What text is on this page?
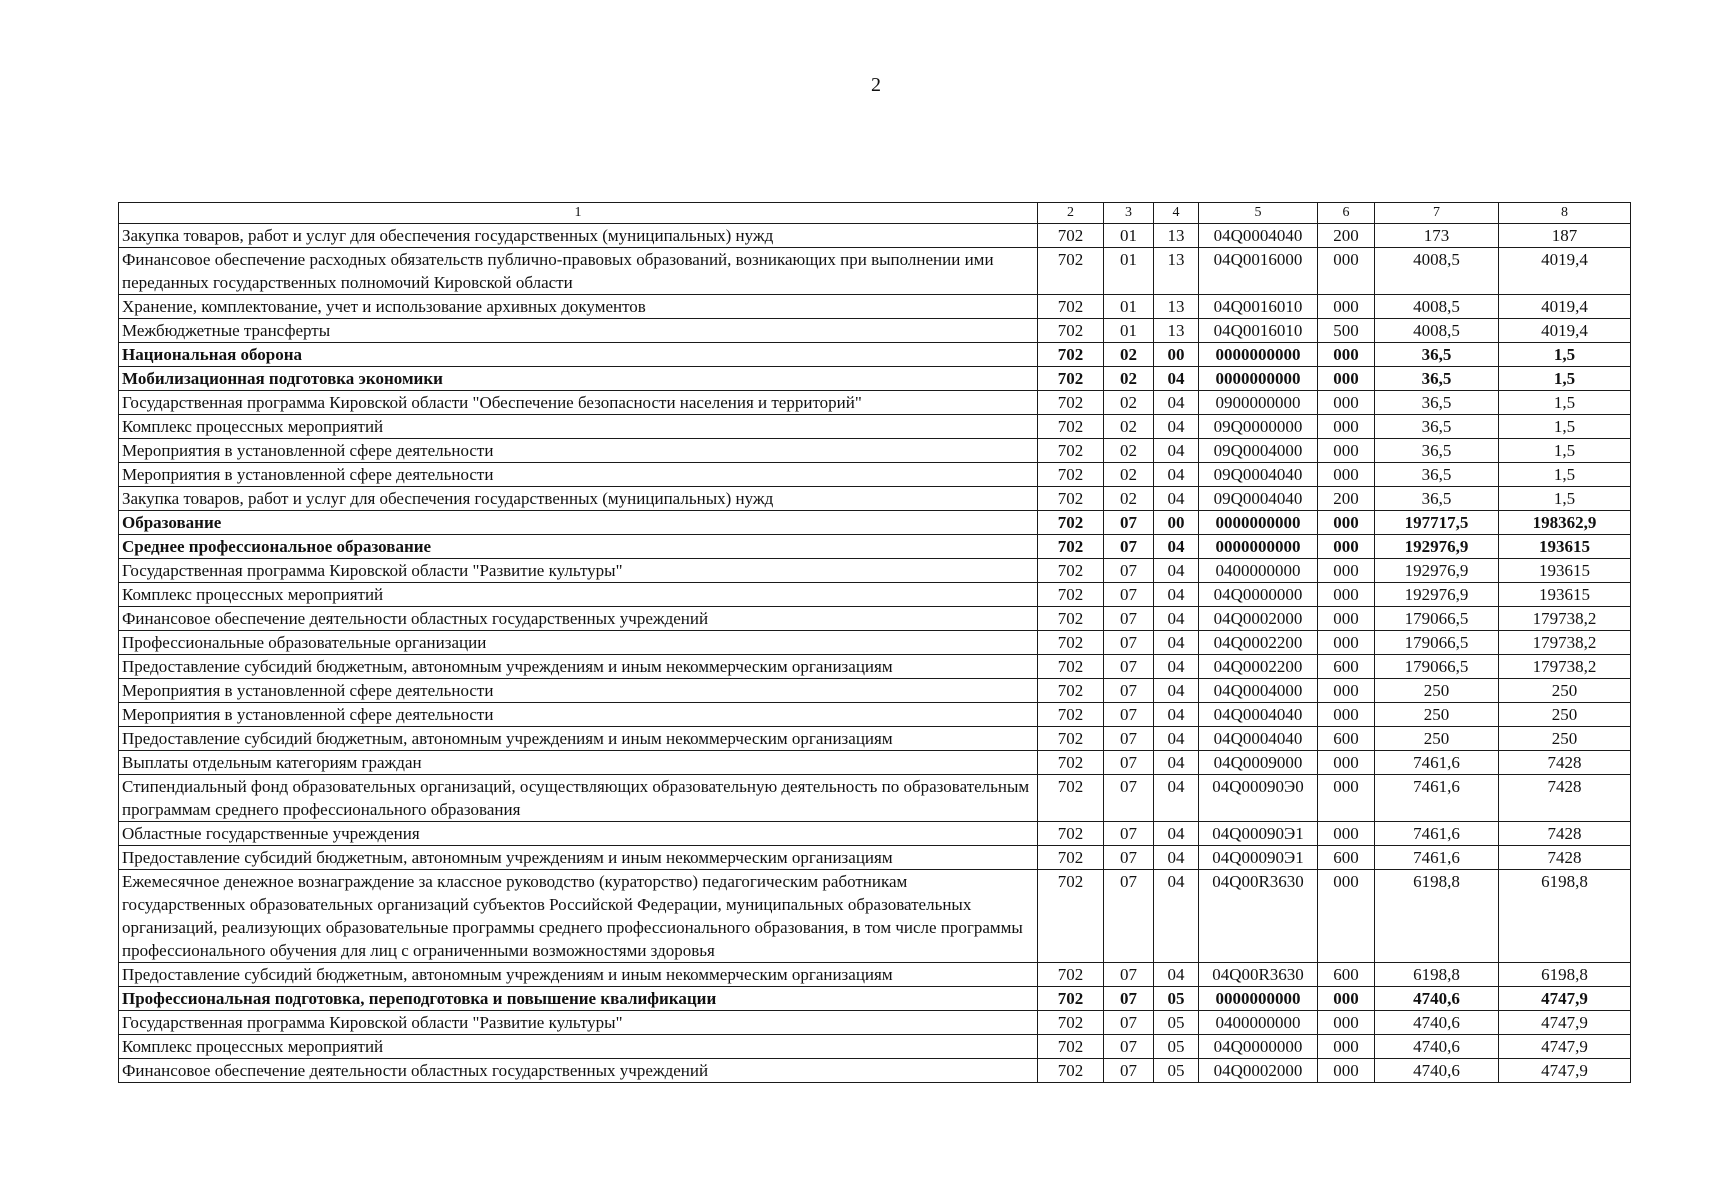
2
1	2	3	4	5	6	7	8
Закупка товаров, работ и услуг для обеспечения государственных (муниципальных) нужд	702	01	13	04Q0004040	200	173	187
Финансовое обеспечение расходных обязательств публично-правовых образований, возникающих при выполнении ими переданных государственных полномочий Кировской области	702	01	13	04Q0016000	000	4008,5	4019,4
Хранение, комплектование, учет и использование архивных документов	702	01	13	04Q0016010	000	4008,5	4019,4
Межбюджетные трансферты	702	01	13	04Q0016010	500	4008,5	4019,4
Национальная оборона	702	02	00	0000000000	000	36,5	1,5
Мобилизационная подготовка экономики	702	02	04	0000000000	000	36,5	1,5
Государственная программа Кировской области "Обеспечение безопасности населения и территорий"	702	02	04	0900000000	000	36,5	1,5
Комплекс процессных мероприятий	702	02	04	09Q0000000	000	36,5	1,5
Мероприятия в установленной сфере деятельности	702	02	04	09Q0004000	000	36,5	1,5
Мероприятия в установленной сфере деятельности	702	02	04	09Q0004040	000	36,5	1,5
Закупка товаров, работ и услуг для обеспечения государственных (муниципальных) нужд	702	02	04	09Q0004040	200	36,5	1,5
Образование	702	07	00	0000000000	000	197717,5	198362,9
Среднее профессиональное образование	702	07	04	0000000000	000	192976,9	193615
Государственная программа Кировской области "Развитие культуры"	702	07	04	0400000000	000	192976,9	193615
Комплекс процессных мероприятий	702	07	04	04Q0000000	000	192976,9	193615
Финансовое обеспечение деятельности областных государственных учреждений	702	07	04	04Q0002000	000	179066,5	179738,2
Профессиональные образовательные организации	702	07	04	04Q0002200	000	179066,5	179738,2
Предоставление субсидий бюджетным, автономным учреждениям и иным некоммерческим организациям	702	07	04	04Q0002200	600	179066,5	179738,2
Мероприятия в установленной сфере деятельности	702	07	04	04Q0004000	000	250	250
Мероприятия в установленной сфере деятельности	702	07	04	04Q0004040	000	250	250
Предоставление субсидий бюджетным, автономным учреждениям и иным некоммерческим организациям	702	07	04	04Q0004040	600	250	250
Выплаты отдельным категориям граждан	702	07	04	04Q0009000	000	7461,6	7428
Стипендиальный фонд образовательных организаций, осуществляющих образовательную деятельность по образовательным программам среднего профессионального образования	702	07	04	04Q00090Э0	000	7461,6	7428
Областные государственные учреждения	702	07	04	04Q00090Э1	000	7461,6	7428
Предоставление субсидий бюджетным, автономным учреждениям и иным некоммерческим организациям	702	07	04	04Q00090Э1	600	7461,6	7428
Ежемесячное денежное вознаграждение за классное руководство (кураторство) педагогическим работникам государственных образовательных организаций субъектов Российской Федерации, муниципальных образовательных организаций, реализующих образовательные программы среднего профессионального образования, в том числе программы профессионального обучения для лиц с ограниченными возможностями здоровья	702	07	04	04Q00R3630	000	6198,8	6198,8
Предоставление субсидий бюджетным, автономным учреждениям и иным некоммерческим организациям	702	07	04	04Q00R3630	600	6198,8	6198,8
Профессиональная подготовка, переподготовка и повышение квалификации	702	07	05	0000000000	000	4740,6	4747,9
Государственная программа Кировской области "Развитие культуры"	702	07	05	0400000000	000	4740,6	4747,9
Комплекс процессных мероприятий	702	07	05	04Q0000000	000	4740,6	4747,9
Финансовое обеспечение деятельности областных государственных учреждений	702	07	05	04Q0002000	000	4740,6	4747,9
